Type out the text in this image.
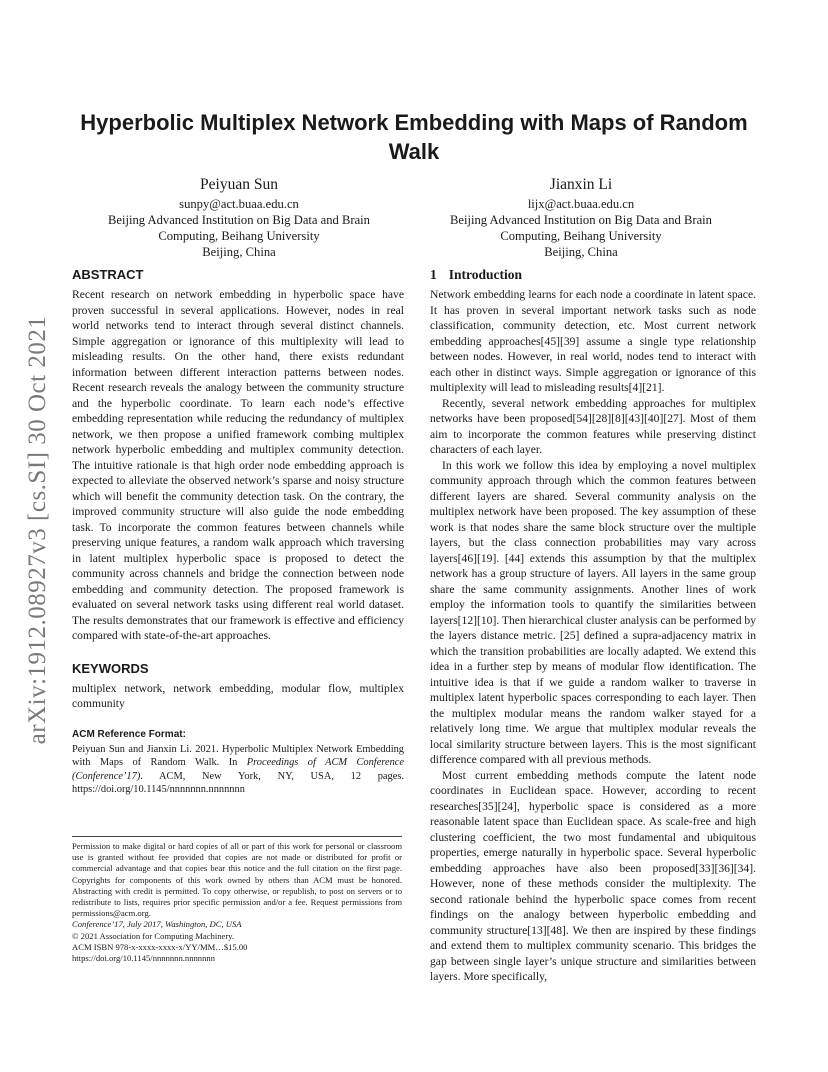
arXiv:1912.08927v3 [cs.SI] 30 Oct 2021
Hyperbolic Multiplex Network Embedding with Maps of Random Walk
Peiyuan Sun
sunpy@act.buaa.edu.cn
Beijing Advanced Institution on Big Data and Brain Computing, Beihang University
Beijing, China
Jianxin Li
lijx@act.buaa.edu.cn
Beijing Advanced Institution on Big Data and Brain Computing, Beihang University
Beijing, China
ABSTRACT

Recent research on network embedding in hyperbolic space have proven successful in several applications. However, nodes in real world networks tend to interact through several distinct channels. Simple aggregation or ignorance of this multiplexity will lead to misleading results. On the other hand, there exists redundant information between different interaction patterns between nodes. Recent research reveals the analogy between the community structure and the hyperbolic coordinate. To learn each node’s effective embedding representation while reducing the redundancy of multiplex network, we then propose a unified framework combing multiplex network hyperbolic embedding and multiplex community detection. The intuitive rationale is that high order node embedding approach is expected to alleviate the observed network’s sparse and noisy structure which will benefit the community detection task. On the contrary, the improved community structure will also guide the node embedding task. To incorporate the common features between channels while preserving unique features, a random walk approach which traversing in latent multiplex hyperbolic space is proposed to detect the community across channels and bridge the connection between node embedding and community detection. The proposed framework is evaluated on several network tasks using different real world dataset. The results demonstrates that our framework is effective and efficiency compared with state-of-the-art approaches.

KEYWORDS

multiplex network, network embedding, modular flow, multiplex community

ACM Reference Format:

Peiyuan Sun and Jianxin Li. 2021. Hyperbolic Multiplex Network Embedding with Maps of Random Walk. In Proceedings of ACM Conference (Conference’17). ACM, New York, NY, USA, 12 pages. https://doi.org/10.1145/nnnnnnn.nnnnnnn

Permission to make digital or hard copies of all or part of this work for personal or classroom use is granted without fee provided that copies are not made or distributed for profit or commercial advantage and that copies bear this notice and the full citation on the first page. Copyrights for components of this work owned by others than ACM must be honored. Abstracting with credit is permitted. To copy otherwise, or republish, to post on servers or to redistribute to lists, requires prior specific permission and/or a fee. Request permissions from permissions@acm.org.

Conference’17, July 2017, Washington, DC, USA
© 2021 Association for Computing Machinery.
ACM ISBN 978-x-xxxx-xxxx-x/YY/MM…$15.00
https://doi.org/10.1145/nnnnnnn.nnnnnnn
1 Introduction

Network embedding learns for each node a coordinate in latent space. It has proven in several important network tasks such as node classification, community detection, etc. Most current network embedding approaches[45][39] assume a single type relationship between nodes. However, in real world, nodes tend to interact with each other in distinct ways. Simple aggregation or ignorance of this multiplexity will lead to misleading results[4][21].

Recently, several network embedding approaches for multiplex networks have been proposed[54][28][8][43][40][27]. Most of them aim to incorporate the common features while preserving distinct characters of each layer.

In this work we follow this idea by employing a novel multiplex community approach through which the common features between different layers are shared. Several community analysis on the multiplex network have been proposed. The key assumption of these work is that nodes share the same block structure over the multiple layers, but the class connection probabilities may vary across layers[46][19]. [44] extends this assumption by that the multiplex network has a group structure of layers. All layers in the same group share the same community assignments. Another lines of work employ the information tools to quantify the similarities between layers[12][10]. Then hierarchical cluster analysis can be performed by the layers distance metric. [25] defined a supra-adjacency matrix in which the transition probabilities are locally adapted. We extend this idea in a further step by means of modular flow identification. The intuitive idea is that if we guide a random walker to traverse in multiplex latent hyperbolic spaces corresponding to each layer. Then the multiplex modular means the random walker stayed for a relatively long time. We argue that multiplex modular reveals the local similarity structure between layers. This is the most significant difference compared with all previous methods.

Most current embedding methods compute the latent node coordinates in Euclidean space. However, according to recent researches[35][24], hyperbolic space is considered as a more reasonable latent space than Euclidean space. As scale-free and high clustering coefficient, the two most fundamental and ubiquitous properties, emerge naturally in hyperbolic space. Several hyperbolic embedding approaches have also been proposed[33][36][34]. However, none of these methods consider the multiplexity. The second rationale behind the hyperbolic space comes from recent findings on the analogy between hyperbolic embedding and community structure[13][48]. We then are inspired by these findings and extend them to multiplex community scenario. This bridges the gap between single layer’s unique structure and similarities between layers. More specifically,
